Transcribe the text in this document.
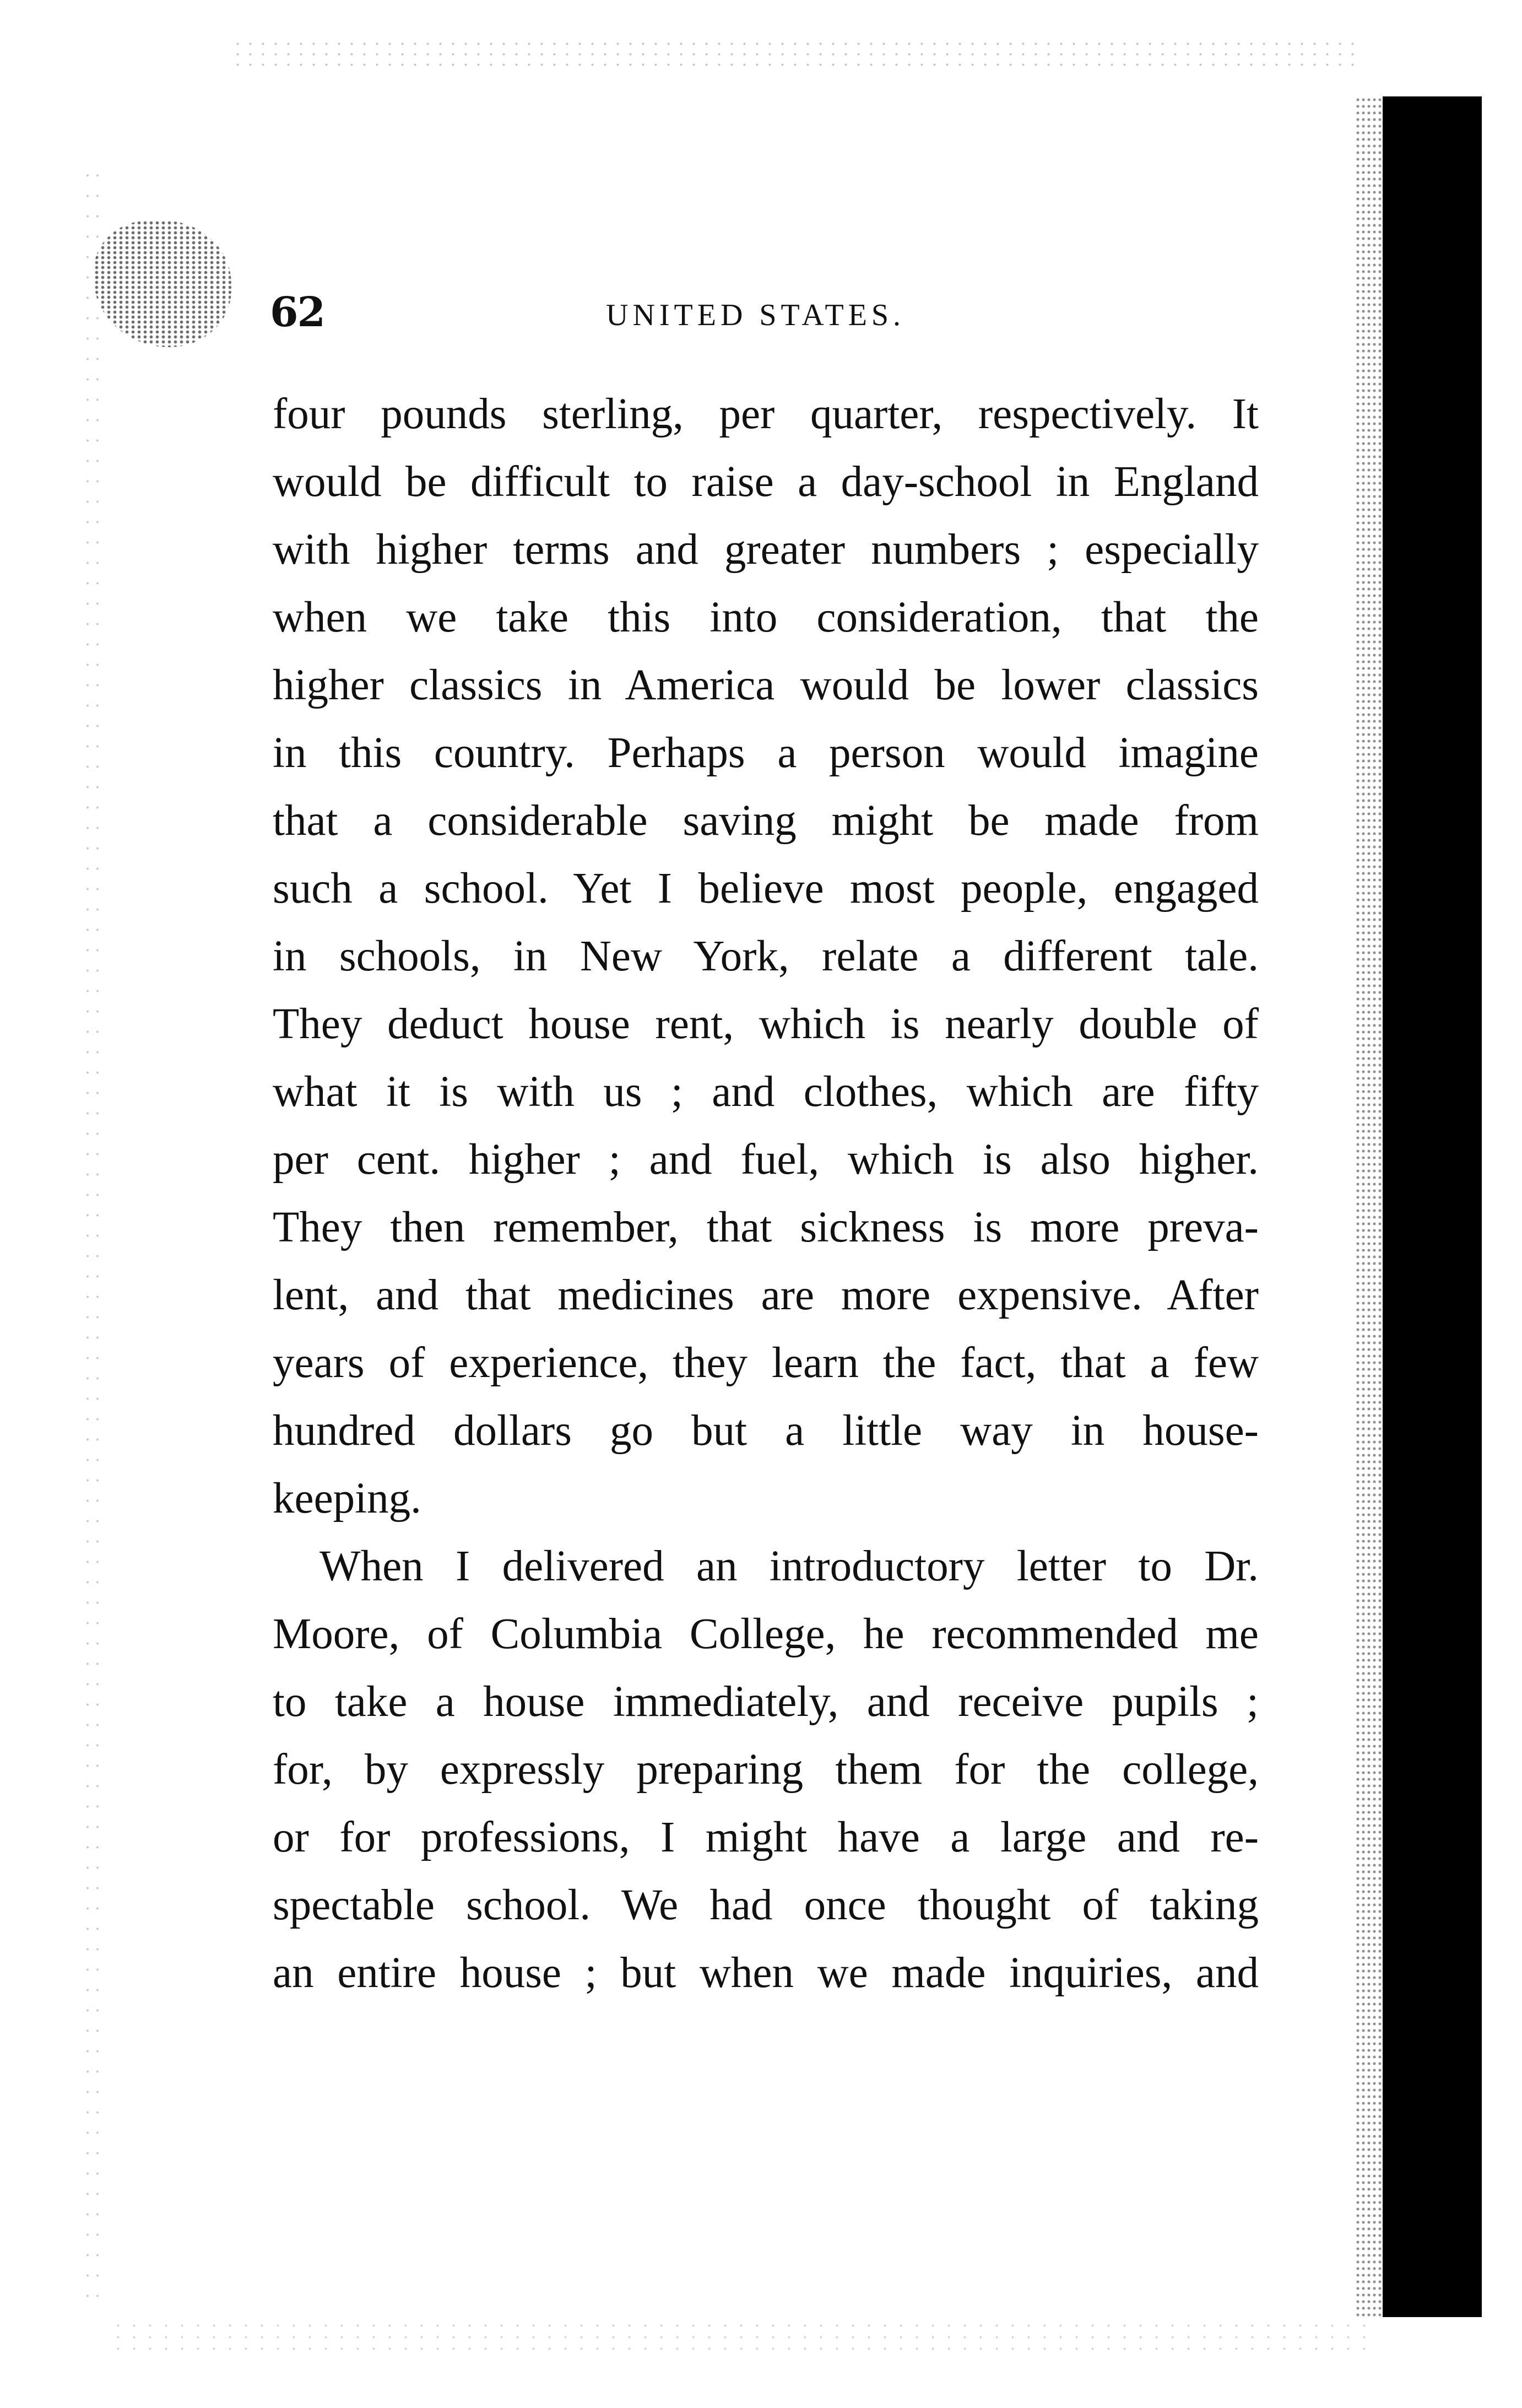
62	UNITED STATES.
four pounds sterling, per quarter, respectively. It
would be difficult to raise a day-school in England
with higher terms and greater numbers ; especially
when we take this into consideration, that the
higher classics in America would be lower classics
in this country. Perhaps a person would imagine
that a considerable saving might be made from
such a school. Yet I believe most people, engaged
in schools, in New York, relate a different tale.
They deduct house rent, which is nearly double of
what it is with us ; and clothes, which are fifty
per cent. higher ; and fuel, which is also higher.
They then remember, that sickness is more preva-
lent, and that medicines are more expensive. After
years of experience, they learn the fact, that a few
hundred dollars go but a little way in house-
keeping.
When I delivered an introductory letter to Dr.
Moore, of Columbia College, he recommended me
to take a house immediately, and receive pupils ;
for, by expressly preparing them for the college,
or for professions, I might have a large and re-
spectable school. We had once thought of taking
an entire house ; but when we made inquiries, and
